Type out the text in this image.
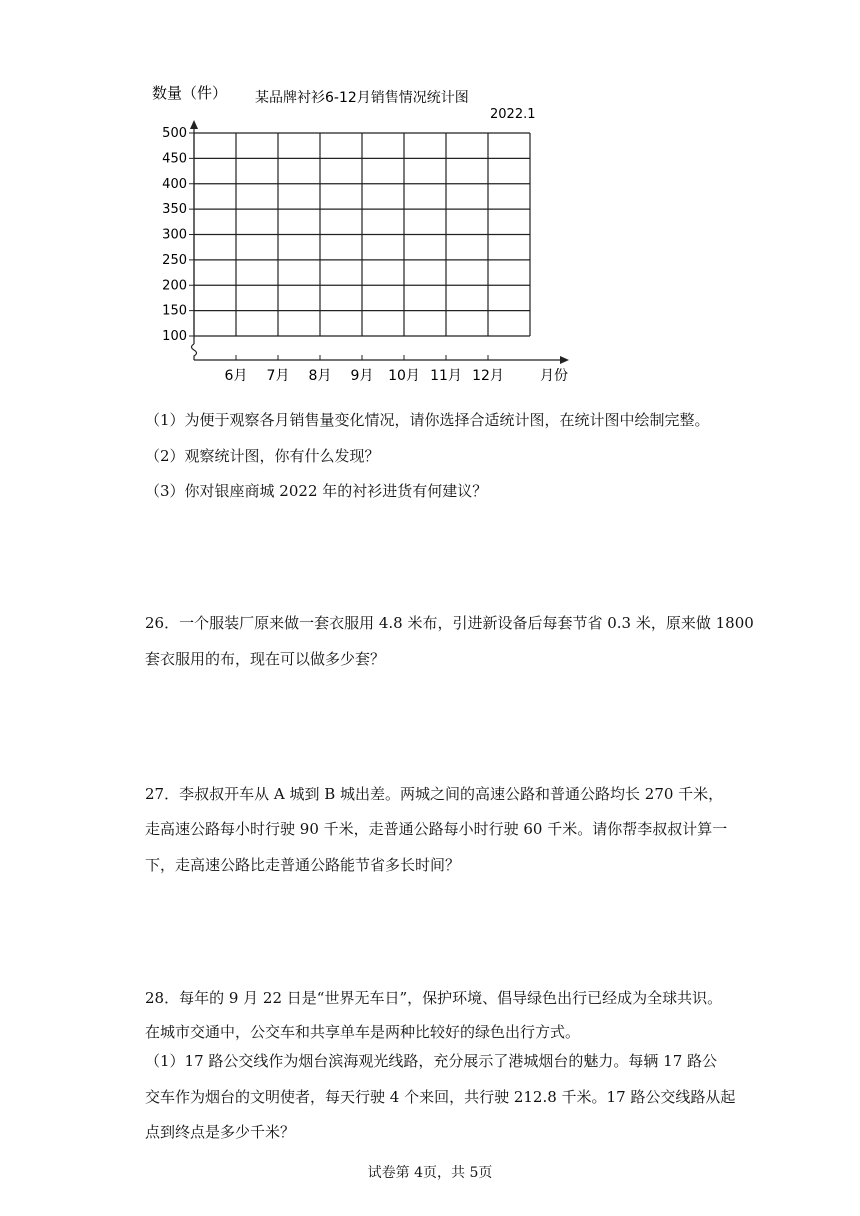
100
150
200
250
300
350
400
450
500
6月 7月 8月 9月 10月 11月 12月
数量（件）
月份
某品牌衬衫6-12月销售情况统计图
2022.1
（1）为便于观察各月销售量变化情况，请你选择合适统计图，在统计图中绘制完整。
（2）观察统计图，你有什么发现？
（3）你对银座商城 2022 年的衬衫进货有何建议？
26．一个服装厂原来做一套衣服用 4.8 米布，引进新设备后每套节省 0.3 米，原来做 1800
套衣服用的布，现在可以做多少套？
27．李叔叔开车从 A 城到 B 城出差。两城之间的高速公路和普通公路均长 270 千米，
走高速公路每小时行驶 90 千米，走普通公路每小时行驶 60 千米。请你帮李叔叔计算一
下，走高速公路比走普通公路能节省多长时间？
28．每年的 9 月 22 日是“世界无车日”，保护环境、倡导绿色出行已经成为全球共识。
在城市交通中，公交车和共享单车是两种比较好的绿色出行方式。
（1）17 路公交线作为烟台滨海观光线路，充分展示了港城烟台的魅力。每辆 17 路公
交车作为烟台的文明使者，每天行驶 4 个来回，共行驶 212.8 千米。17 路公交线路从起
点到终点是多少千米？
试卷第 4页，共 5页
